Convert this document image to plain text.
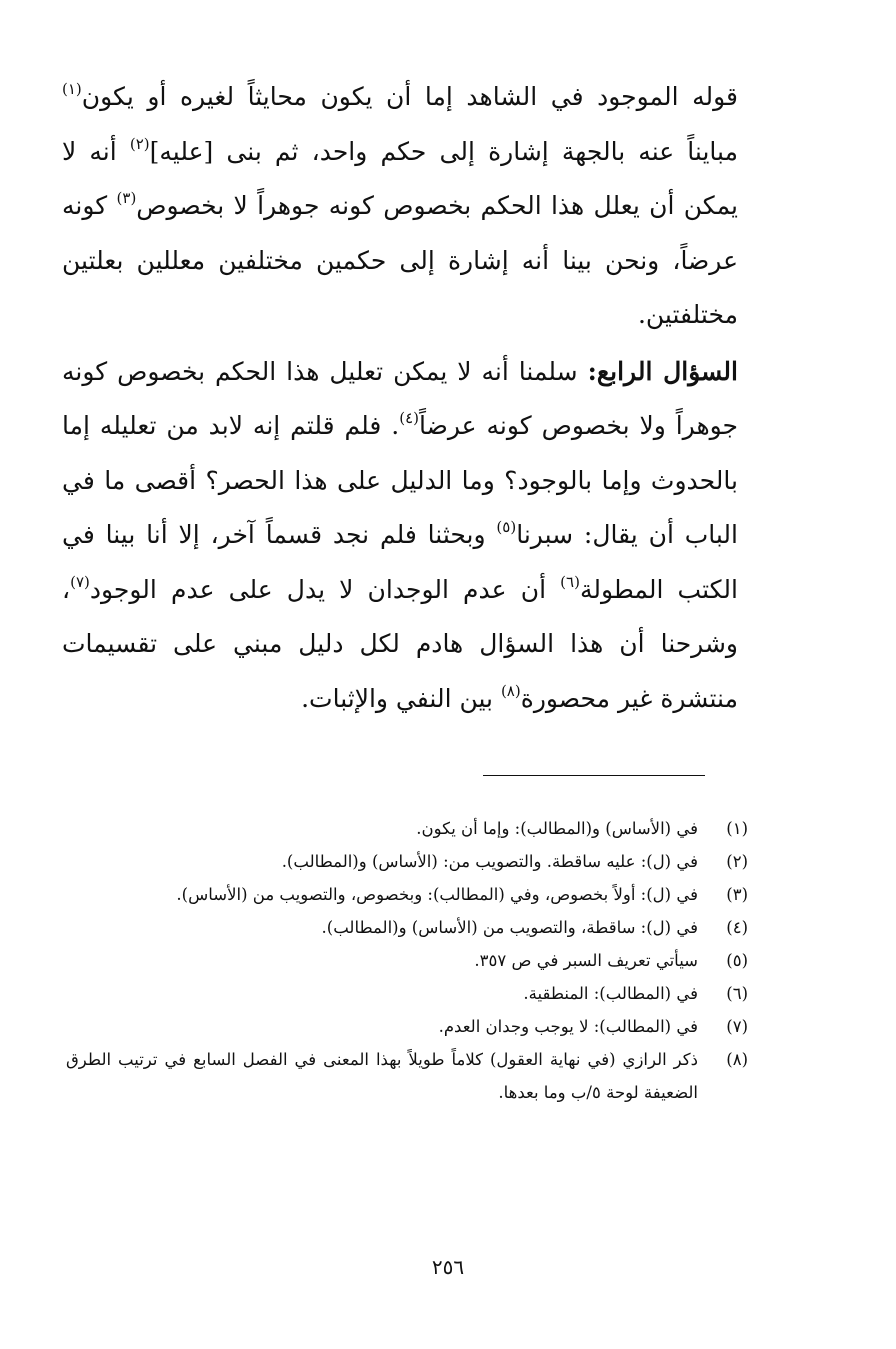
قوله الموجود في الشاهد إما أن يكون محايثاً لغيره أو يكون$^{(١)}$ مبايناً عنه بالجهة إشارة إلى حكم واحد، ثم بنى [عليه]$^{(٢)}$ أنه لا يمكن أن يعلل هذا الحكم بخصوص كونه جوهراً لا بخصوص$^{(٣)}$ كونه عرضاً، ونحن بينا أنه إشارة إلى حكمين مختلفين معللين بعلتين مختلفتين.

السؤال الرابع: سلمنا أنه لا يمكن تعليل هذا الحكم بخصوص كونه جوهراً ولا بخصوص كونه عرضاً$^{(٤)}$. فلم قلتم إنه لابد من تعليله إما بالحدوث وإما بالوجود؟ وما الدليل على هذا الحصر؟ أقصى ما في الباب أن يقال: سبرنا$^{(٥)}$ وبحثنا فلم نجد قسماً آخر، إلا أنا بينا في الكتب المطولة$^{(٦)}$ أن عدم الوجدان لا يدل على عدم الوجود$^{(٧)}$، وشرحنا أن هذا السؤال هادم لكل دليل مبني على تقسيمات منتشرة غير محصورة$^{(٨)}$ بين النفي والإثبات.

(١)
في (الأساس) و(المطالب): وإما أن يكون.
(٢)
في (ل): عليه ساقطة. والتصويب من: (الأساس) و(المطالب).
(٣)
في (ل): أولاً بخصوص، وفي (المطالب): وبخصوص، والتصويب من (الأساس).
(٤)
في (ل): ساقطة، والتصويب من (الأساس) و(المطالب).
(٥)
سيأتي تعريف السبر في ص ٣٥٧.
(٦)
في (المطالب): المنطقية.
(٧)
في (المطالب): لا يوجب وجدان العدم.
(٨)
ذكر الرازي (في نهاية العقول) كلاماً طويلاً بهذا المعنى في الفصل السابع في ترتيب الطرق الضعيفة لوحة ٥/ب وما بعدها.
٢٥٦
